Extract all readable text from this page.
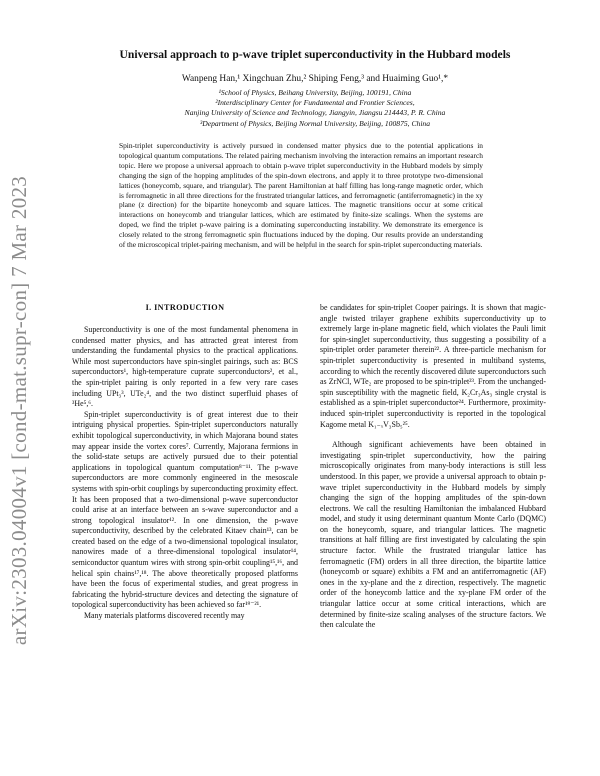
arXiv:2303.04004v1 [cond-mat.supr-con] 7 Mar 2023
Universal approach to p-wave triplet superconductivity in the Hubbard models
Wanpeng Han,¹ Xingchuan Zhu,² Shiping Feng,³ and Huaiming Guo¹,*
¹School of Physics, Beihang University, Beijing, 100191, China
²Interdisciplinary Center for Fundamental and Frontier Sciences,
Nanjing University of Science and Technology, Jiangyin, Jiangsu 214443, P. R. China
³Department of Physics, Beijing Normal University, Beijing, 100875, China
Spin-triplet superconductivity is actively pursued in condensed matter physics due to the potential applications in topological quantum computations. The related pairing mechanism involving the interaction remains an important research topic. Here we propose a universal approach to obtain p-wave triplet superconductivity in the Hubbard models by simply changing the sign of the hopping amplitudes of the spin-down electrons, and apply it to three prototype two-dimensional lattices (honeycomb, square, and triangular). The parent Hamiltonian at half filling has long-range magnetic order, which is ferromagnetic in all three directions for the frustrated triangular lattices, and ferromagnetic (antiferromagnetic) in the xy plane (z direction) for the bipartite honeycomb and square lattices. The magnetic transitions occur at some critical interactions on honeycomb and triangular lattices, which are estimated by finite-size scalings. When the systems are doped, we find the triplet p-wave pairing is a dominating superconducting instability. We demonstrate its emergence is closely related to the strong ferromagnetic spin fluctuations induced by the doping. Our results provide an understanding of the microscopical triplet-pairing mechanism, and will be helpful in the search for spin-triplet superconducting materials.
I. INTRODUCTION

Superconductivity is one of the most fundamental phenomena in condensed matter physics, and has attracted great interest from understanding the fundamental physics to the practical applications. While most superconductors have spin-singlet pairings, such as: BCS superconductors¹, high-temperature cuprate superconductors², et al., the spin-triplet pairing is only reported in a few very rare cases including UPt₃³, UTe₂⁴, and the two distinct superfluid phases of ³He⁵,⁶.

Spin-triplet superconductivity is of great interest due to their intriguing physical properties. Spin-triplet superconductors naturally exhibit topological superconductivity, in which Majorana bound states may appear inside the vortex cores⁷. Currently, Majorana fermions in the solid-state setups are actively pursued due to their potential applications in topological quantum computation⁸⁻¹¹. The p-wave superconductors are more commonly engineered in the mesoscale systems with spin-orbit couplings by superconducting proximity effect. It has been proposed that a two-dimensional p-wave superconductor could arise at an interface between an s-wave superconductor and a strong topological insulator¹². In one dimension, the p-wave superconductivity, described by the celebrated Kitaev chain¹³, can be created based on the edge of a two-dimensional topological insulator, nanowires made of a three-dimensional topological insulator¹⁴, semiconductor quantum wires with strong spin-orbit coupling¹⁵,¹⁶, and helical spin chains¹⁷,¹⁸. The above theoretically proposed platforms have been the focus of experimental studies, and great progress in fabricating the hybrid-structure devices and detecting the signature of topological superconductivity has been achieved so far¹⁹⁻²¹.

Many materials platforms discovered recently may

be candidates for spin-triplet Cooper pairings. It is shown that magic-angle twisted trilayer graphene exhibits superconductivity up to extremely large in-plane magnetic field, which violates the Pauli limit for spin-singlet superconductivity, thus suggesting a possibility of a spin-triplet order parameter therein²². A three-particle mechanism for spin-triplet superconductivity is presented in multiband systems, according to which the recently discovered dilute superconductors such as ZrNCl, WTe₂ are proposed to be spin-triplet²³. From the unchanged-spin susceptibility with the magnetic field, K₂Cr₃As₃ single crystal is established as a spin-triplet superconductor²⁴. Furthermore, proximity-induced spin-triplet superconductivity is reported in the topological Kagome metal K₁₋ₓV₃Sb₅²⁵.

Although significant achievements have been obtained in investigating spin-triplet superconductivity, how the pairing microscopically originates from many-body interactions is still less understood. In this paper, we provide a universal approach to obtain p-wave triplet superconductivity in the Hubbard models by simply changing the sign of the hopping amplitudes of the spin-down electrons. We call the resulting Hamiltonian the imbalanced Hubbard model, and study it using determinant quantum Monte Carlo (DQMC) on the honeycomb, square, and triangular lattices. The magnetic transitions at half filling are first investigated by calculating the spin structure factor. While the frustrated triangular lattice has ferromagnetic (FM) orders in all three direction, the bipartite lattice (honeycomb or square) exhibits a FM and an antiferromagnetic (AF) ones in the xy-plane and the z direction, respectively. The magnetic order of the honeycomb lattice and the xy-plane FM order of the triangular lattice occur at some critical interactions, which are determined by finite-size scaling analyses of the structure factors. We then calculate the
